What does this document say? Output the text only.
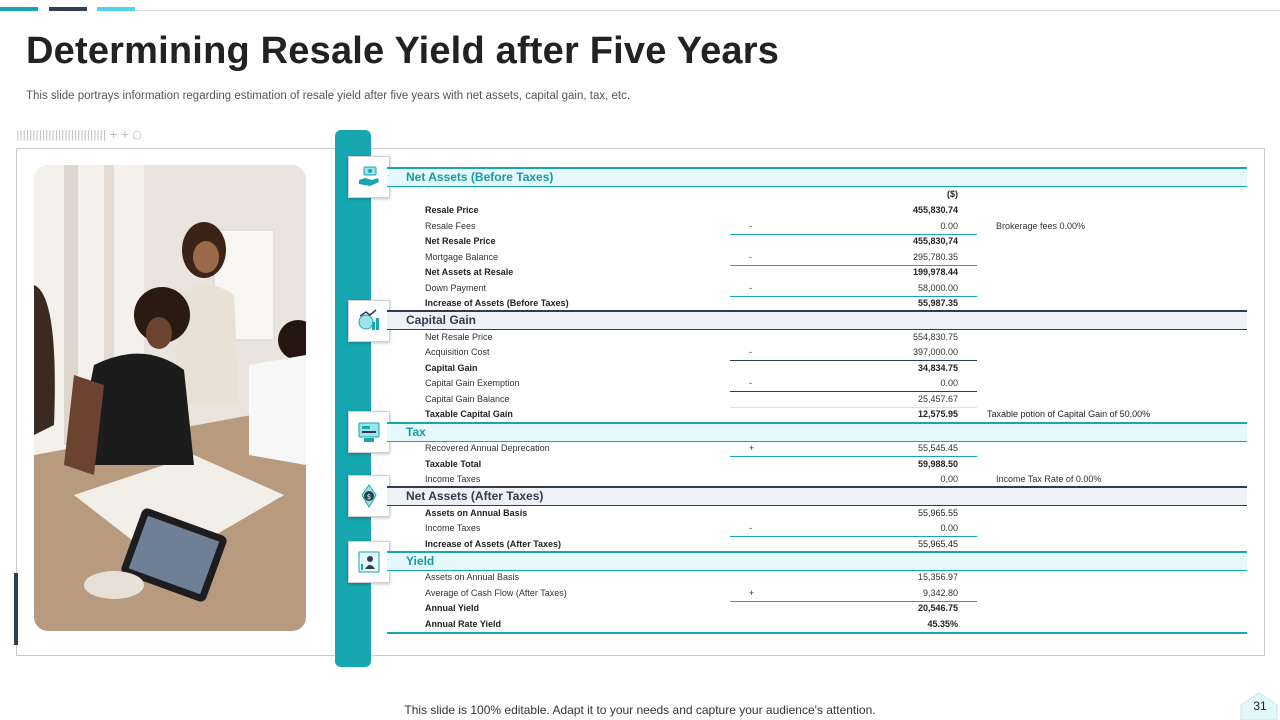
Determining Resale Yield after Five Years

This slide portrays information regarding estimation of resale yield after five years with net assets, capital gain, tax, etc.

|||||||||||||||||||||||||||| + + ○
$
($)
Net Assets (Before Taxes)
Resale Price	455,830.74
Resale Fees	-	0.00	Brokerage fees 0.00%
Net Resale Price	455,830,74
Mortgage Balance	-	295,780.35
Net Assets at Resale	199,978.44
Down Payment	-	58,000.00
Increase of Assets (Before Taxes)	55,987.35
Capital Gain
Net Resale Price	554,830.75
Acquisition Cost	-	397,000.00
Capital Gain	34,834.75
Capital Gain Exemption	-	0.00
Capital Gain Balance	25,457.67
Taxable Capital Gain	12,575.95	Taxable potion of Capital Gain of 50.00%
Tax
Recovered Annual Deprecation	+	55,545.45
Taxable Total	59,988.50
Income Taxes	0,00	Income Tax Rate of 0.00%
Net Assets (After Taxes)
Assets on Annual Basis	55,965.55
Income Taxes	-	0.00
Increase of Assets (After Taxes)	55,965.45
Yield
Assets on Annual Basis	15,356.97
Average of Cash Flow (After Taxes)	+	9,342.80
Annual Yield	20,546.75
Annual Rate Yield	45.35%
This slide is 100% editable. Adapt it to your needs and capture your audience's attention.	31
